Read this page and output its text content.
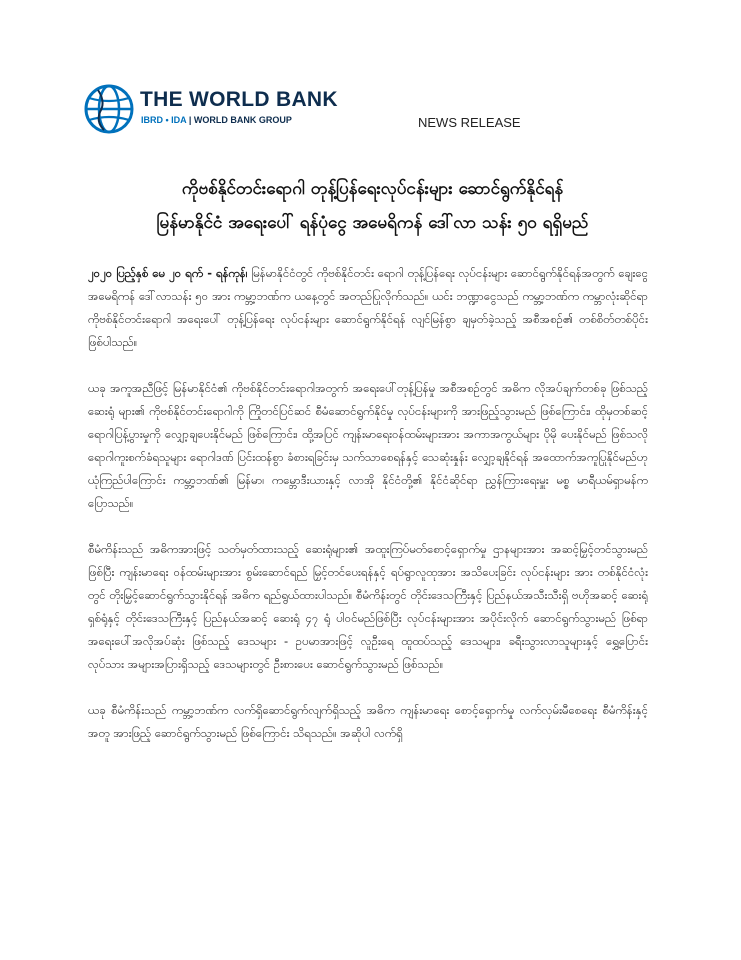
THE WORLD BANK
IBRD • IDA | WORLD BANK GROUP	NEWS RELEASE
ကိုဗစ်နိုင်တင်းရောဂါ တုန့်ပြန်ရေးလုပ်ငန်းများ ဆောင်ရွက်နိုင်ရန်
မြန်မာနိုင်ငံ အရေးပေါ် ရန်ပုံငွေ အမေရိကန် ဒေါ်လာ သန်း ၅၀ ရရှိမည်

၂၀၂၀ ပြည့်နှစ် မေ ၂၀ ရက် - ရန်ကုန်၊ မြန်မာနိုင်ငံတွင် ကိုဗစ်နိုင်တင်း ရောဂါ တုန့်ပြန်ရေး လုပ်ငန်းများ ဆောင်ရွက်နိုင်ရန်အတွက် ချေးငွေ အမေရိကန် ဒေါ်လာသန်း ၅၀ အား ကမ္ဘာ့ဘဏ်က ယနေ့တွင် အတည်ပြုလိုက်သည်။ ယင်း ဘဏ္ဍာငွေသည် ကမ္ဘာ့ဘဏ်က ကမ္ဘာလုံးဆိုင်ရာ ကိုဗစ်နိုင်တင်းရောဂါ အရေးပေါ် တုန့်ပြန်ရေး လုပ်ငန်းများ ဆောင်ရွက်နိုင်ရန် လျင်မြန်စွာ ချမှတ်ခဲ့သည့် အစီအစဉ်၏ တစ်စိတ်တစ်ပိုင်း ဖြစ်ပါသည်။

ယခု အကူအညီဖြင့် မြန်မာနိုင်ငံ၏ ကိုဗစ်နိုင်တင်းရောဂါအတွက် အရေးပေါ်တုန့်ပြန်မှု အစီအစဉ်တွင် အဓိက လိုအပ်ချက်တစ်ခု ဖြစ်သည့် ဆေးရုံ များ၏ ကိုဗစ်နိုင်တင်းရောဂါကို ကြိုတင်ပြင်ဆင် စီမံဆောင်ရွက်နိုင်မှု လုပ်ငန်းများကို အားဖြည့်သွားမည် ဖြစ်ကြောင်း၊ ထိုမှတစ်ဆင့် ရောဂါပြန့်ပွားမှုကို လျှော့ချပေးနိုင်မည် ဖြစ်ကြောင်း၊ ထို့အပြင် ကျန်းမာရေးဝန်ထမ်းများအား အကာအကွယ်များ ပိုမို ပေးနိုင်မည် ဖြစ်သလို ရောဂါကူးစက်ခံရသူများ ရောဂါဒဏ် ပြင်းထန်စွာ ခံစားရခြင်းမှ သက်သာစေရန်နှင့် သေဆုံးနှုန်း လျှော့ချနိုင်ရန် အထောက်အကူပြုနိုင်မည်ဟု ယုံကြည်ပါကြောင်း ကမ္ဘာ့ဘဏ်၏ မြန်မာ၊ ကမ္ဘောဒီးယားနှင့် လာအို နိုင်ငံတို့၏ နိုင်ငံဆိုင်ရာ ညွှန်ကြားရေးမှူး မစ္စ မာရီယမ်ရှာမန်က ပြောသည်။

စီမံကိန်းသည် အဓိကအားဖြင့် သတ်မှတ်ထားသည့် ဆေးရုံများ၏ အထူးကြပ်မတ်စောင့်ရှောက်မှု ဌာနများအား အဆင့်မြှင့်တင်သွားမည် ဖြစ်ပြီး ကျန်းမာရေး ဝန်ထမ်းများအား စွမ်းဆောင်ရည် မြှင့်တင်ပေးရန်နှင့် ရပ်ရွာလူထုအား အသိပေးခြင်း လုပ်ငန်းများ အား တစ်နိုင်ငံလုံးတွင် တိုးမြှင့်ဆောင်ရွက်သွားနိုင်ရန် အဓိက ရည်ရွယ်ထားပါသည်။ စီမံကိန်းတွင် တိုင်းဒေသကြီးနှင့် ပြည်နယ်အသီးသီးရှိ ဗဟိုအဆင့် ဆေးရုံ ရှစ်ရုံနှင့် တိုင်းဒေသကြီးနှင့် ပြည်နယ်အဆင့် ဆေးရုံ ၄၇ ရုံ ပါဝင်မည်ဖြစ်ပြီး လုပ်ငန်းများအား အပိုင်းလိုက် ဆောင်ရွက်သွားမည် ဖြစ်ရာ အရေးပေါ်အလိုအပ်ဆုံး ဖြစ်သည့် ဒေသများ - ဥပမာအားဖြင့် လူဦးရေ ထူထပ်သည့် ဒေသများ၊ ခရီးသွားလာသူများနှင့် ရွှေ့ပြောင်း လုပ်သား အများအပြားရှိသည့် ဒေသများတွင် ဦးစားပေး ဆောင်ရွက်သွားမည် ဖြစ်သည်။

ယခု စီမံကိန်းသည် ကမ္ဘာ့ဘဏ်က လက်ရှိဆောင်ရွက်လျက်ရှိသည့် အဓိက ကျန်းမာရေး စောင့်ရှောက်မှု လက်လှမ်းမီစေရေး စီမံကိန်းနှင့်အတူ အားဖြည့် ဆောင်ရွက်သွားမည် ဖြစ်ကြောင်း သိရသည်။ အဆိုပါ လက်ရှိ
